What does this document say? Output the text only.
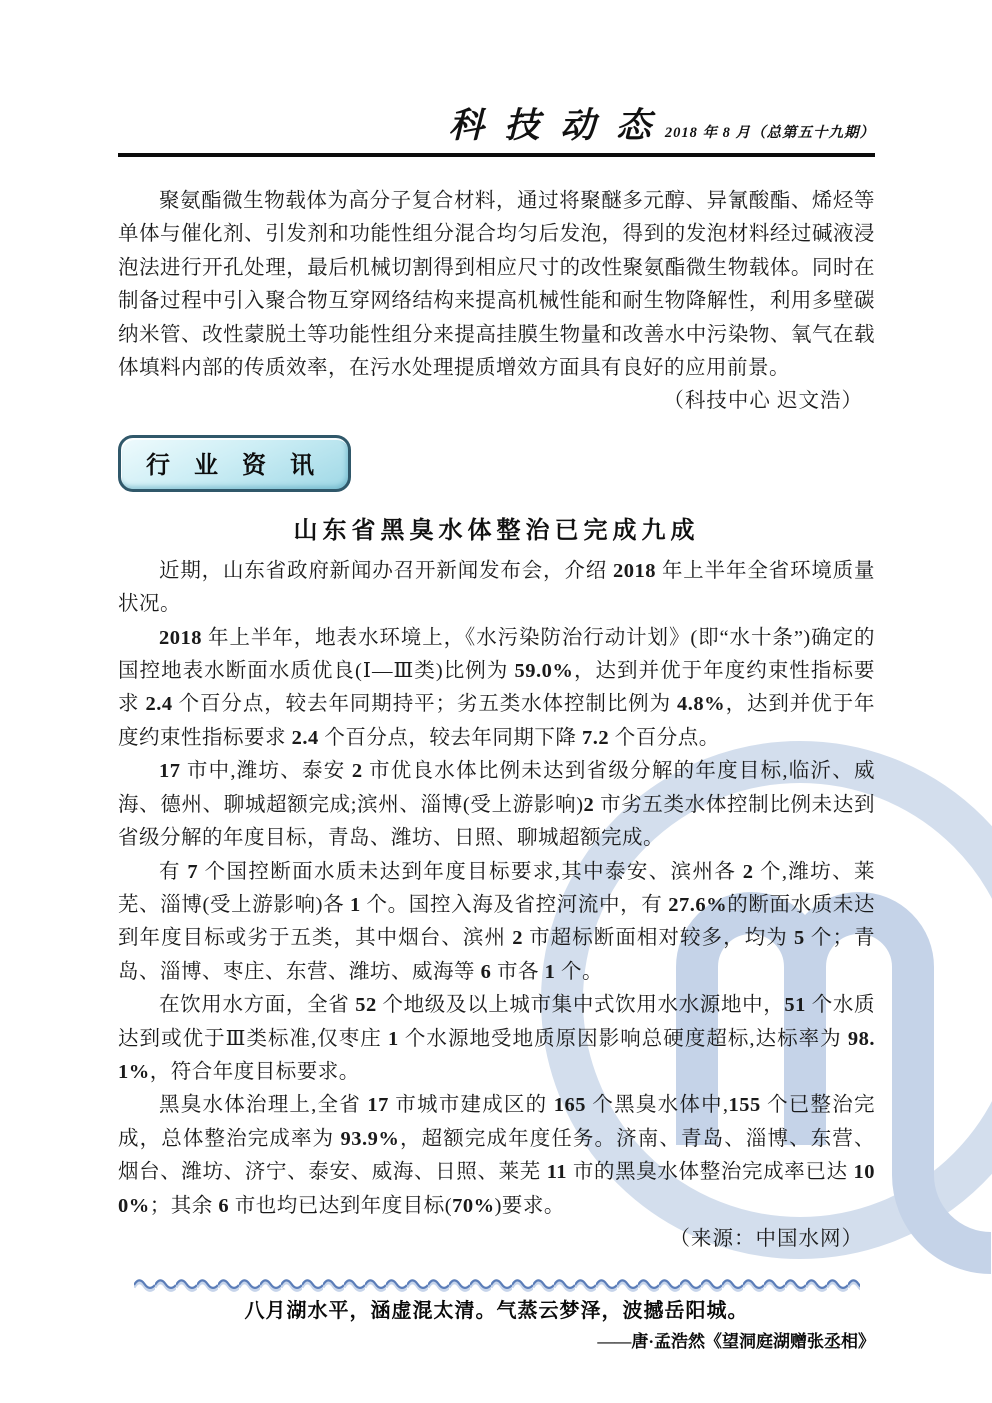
科 技 动 态 2018 年 8 月（总第五十九期）

聚氨酯微生物载体为高分子复合材料，通过将聚醚多元醇、异氰酸酯、烯烃等单体与催化剂、引发剂和功能性组分混合均匀后发泡，得到的发泡材料经过碱液浸泡法进行开孔处理，最后机械切割得到相应尺寸的改性聚氨酯微生物载体。同时在制备过程中引入聚合物互穿网络结构来提高机械性能和耐生物降解性，利用多壁碳纳米管、改性蒙脱土等功能性组分来提高挂膜生物量和改善水中污染物、氧气在载体填料内部的传质效率，在污水处理提质增效方面具有良好的应用前景。

（科技中心 迟文浩）

行 业 资 讯
山东省黑臭水体整治已完成九成

近期，山东省政府新闻办召开新闻发布会，介绍 2018 年上半年全省环境质量状况。

2018 年上半年，地表水环境上，《水污染防治行动计划》(即“水十条”)确定的国控地表水断面水质优良(Ⅰ—Ⅲ类)比例为 59.0%，达到并优于年度约束性指标要求 2.4 个百分点，较去年同期持平；劣五类水体控制比例为 4.8%，达到并优于年度约束性指标要求 2.4 个百分点，较去年同期下降 7.2 个百分点。

17 市中,潍坊、泰安 2 市优良水体比例未达到省级分解的年度目标,临沂、威海、德州、聊城超额完成;滨州、淄博(受上游影响)2 市劣五类水体控制比例未达到省级分解的年度目标，青岛、潍坊、日照、聊城超额完成。

有 7 个国控断面水质未达到年度目标要求,其中泰安、滨州各 2 个,潍坊、莱芜、淄博(受上游影响)各 1 个。国控入海及省控河流中，有 27.6%的断面水质未达到年度目标或劣于五类，其中烟台、滨州 2 市超标断面相对较多，均为 5 个；青岛、淄博、枣庄、东营、潍坊、威海等 6 市各 1 个。

在饮用水方面，全省 52 个地级及以上城市集中式饮用水水源地中，51 个水质达到或优于Ⅲ类标准,仅枣庄 1 个水源地受地质原因影响总硬度超标,达标率为 98.1%，符合年度目标要求。

黑臭水体治理上,全省 17 市城市建成区的 165 个黑臭水体中,155 个已整治完成，总体整治完成率为 93.9%，超额完成年度任务。济南、青岛、淄博、东营、烟台、潍坊、济宁、泰安、威海、日照、莱芜 11 市的黑臭水体整治完成率已达 100%；其余 6 市也均已达到年度目标(70%)要求。

（来源：中国水网）

八月湖水平，涵虚混太清。气蒸云梦泽，波撼岳阳城。

——唐·孟浩然《望洞庭湖赠张丞相》
